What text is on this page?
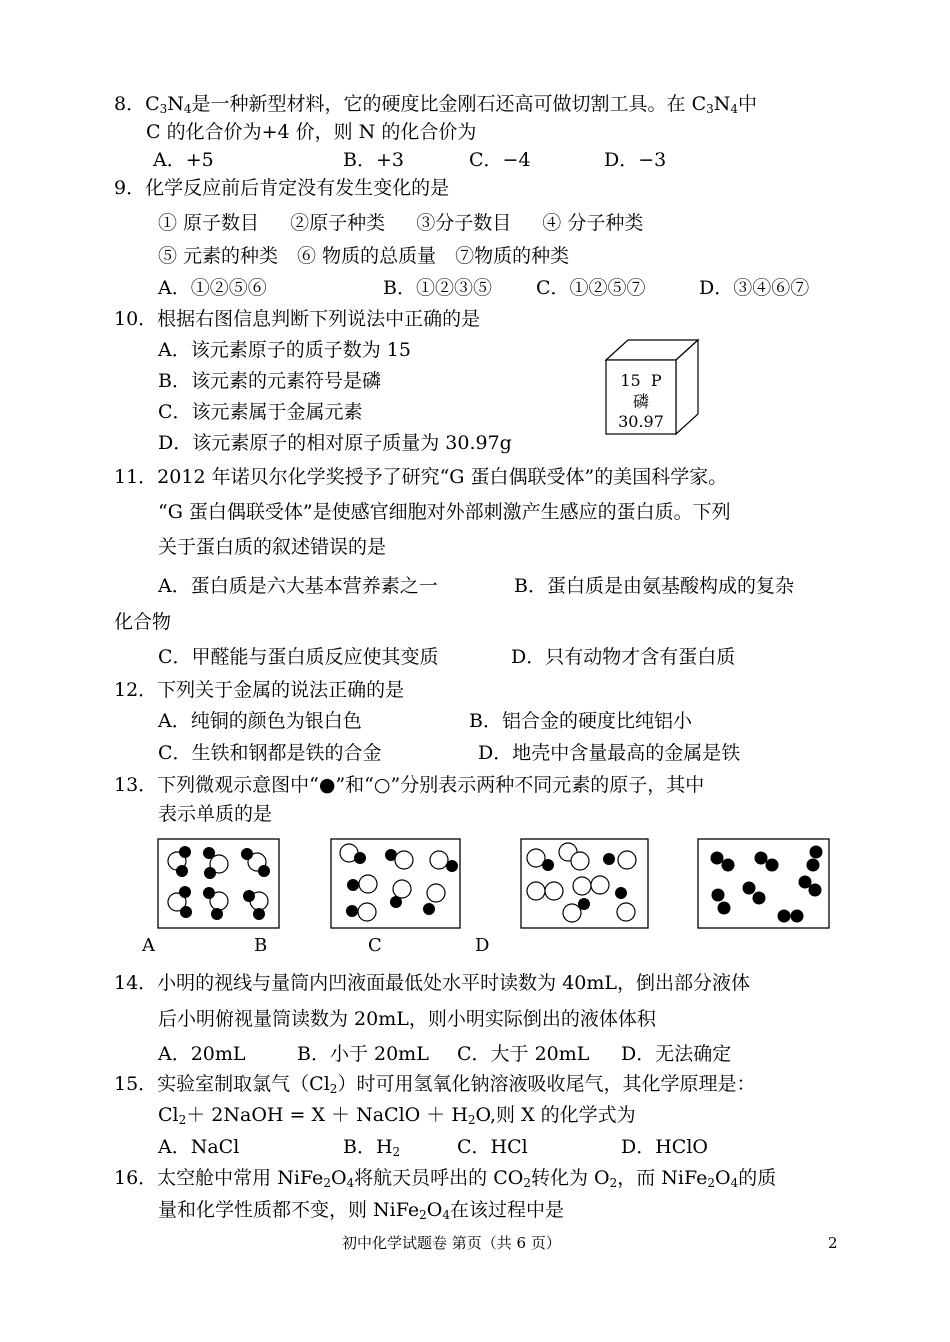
8．$C_3N_4$是一种新型材料，它的硬度比金刚石还高可做切割工具。在 $C_3N_4$中
C 的化合价为+4 价，则 N 的化合价为
A．+5	B．+3	C．−4	D．−3
9．化学反应前后肯定没有发生变化的是
① 原子数目 　 ②原子种类 　 ③分子数目 　 ④ 分子种类
⑤ 元素的种类　⑥ 物质的总质量　⑦物质的种类
A．①②⑤⑥	B．①②③⑤ C．①②⑤⑦	D．③④⑥⑦
10．根据右图信息判断下列说法中正确的是
A．该元素原子的质子数为 15
B．该元素的元素符号是磷
C．该元素属于金属元素
D．该元素原子的相对原子质量为 30.97g
15  P
磷
30.97
11．2012 年诺贝尔化学奖授予了研究“G 蛋白偶联受体”的美国科学家。
“G 蛋白偶联受体”是使感官细胞对外部刺激产生感应的蛋白质。下列
关于蛋白质的叙述错误的是
A．蛋白质是六大基本营养素之一	B．蛋白质是由氨基酸构成的复杂
化合物
C．甲醛能与蛋白质反应使其变质	D．只有动物才含有蛋白质
12．下列关于金属的说法正确的是
A．纯铜的颜色为银白色	B．铝合金的硬度比纯铝小
C．生铁和钢都是铁的合金	D．地壳中含量最高的金属是铁
13．下列微观示意图中“●”和“○”分别表示两种不同元素的原子，其中
表示单质的是
A	B	C	D
14．小明的视线与量筒内凹液面最低处水平时读数为 40mL，倒出部分液体
后小明俯视量筒读数为 20mL，则小明实际倒出的液体体积
A．20mL	B．小于 20mL C．大于 20mL D．无法确定
15．实验室制取氯气$(Cl_2)$时可用氢氧化钠溶液吸收尾气，其化学原理是：
$Cl_2+$ 2NaOH = X ＋ NaClO ＋ $H_2O$,则 X 的化学式为
A．NaCl	B．$H_2$	C．HCl	D．HClO
16．太空舱中常用 $NiFe_2O_4$将航天员呼出的 $CO_2$转化为 $O_2$，而 $NiFe_2O_4$的质
量和化学性质都不变，则 $NiFe_2O_4$在该过程中是
初中化学试题卷 第页（共 6 页）	2
